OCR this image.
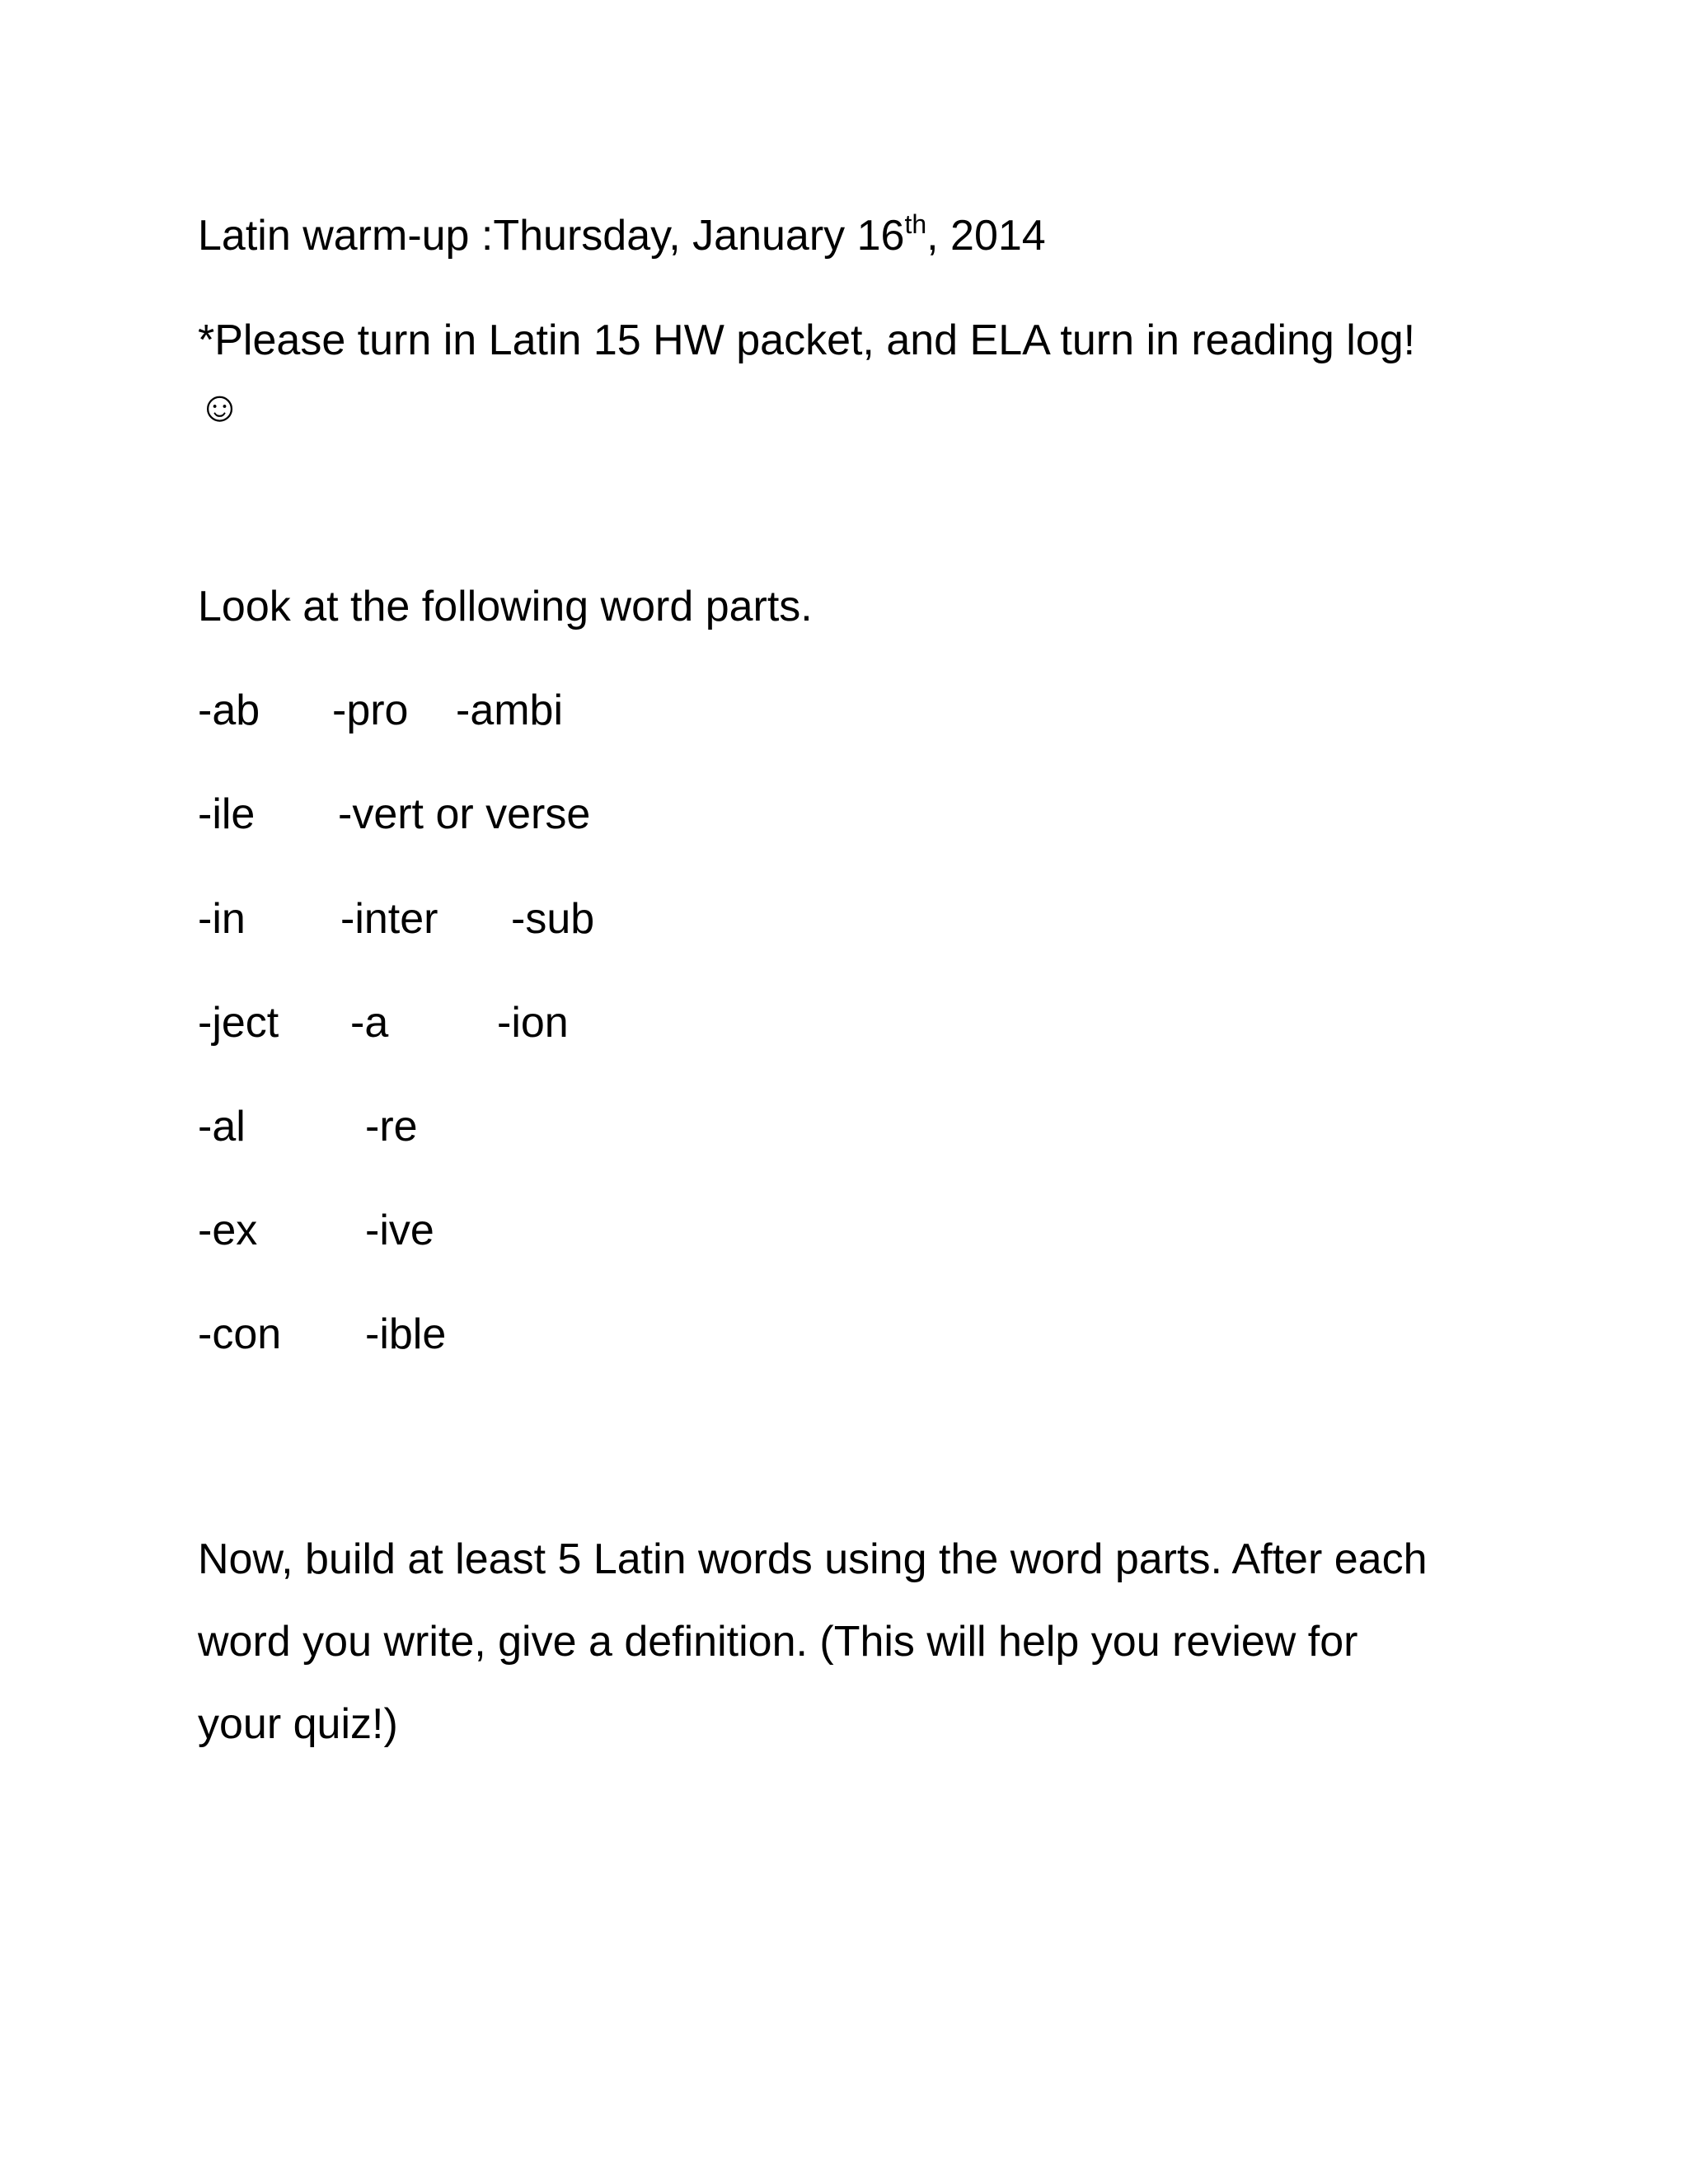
Latin warm-up :Thursday, January 16th, 2014
*Please turn in Latin 15 HW packet, and ELA turn in reading log!
☺
Look at the following word parts.
-ab -pro -ambi
-ile -vert or verse
-in -inter -sub
-ject -a	-ion
-al	-re
-ex	-ive
-con -ible
Now, build at least 5 Latin words using the word parts. After each
word you write, give a definition. (This will help you review for
your quiz!)
